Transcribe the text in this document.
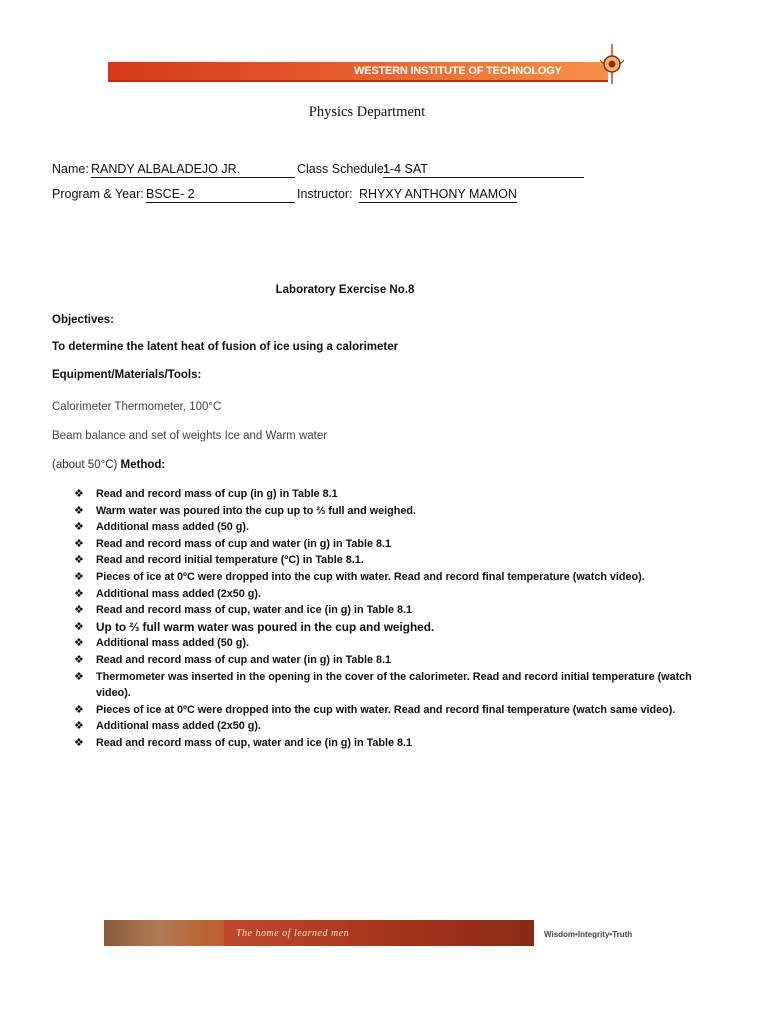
WESTERN INSTITUTE OF TECHNOLOGY
Physics Department
Name: RANDY ALBALADEJO JR.	Class Schedule:
1-4 SAT
Program & Year: BSCE- 2	Instructor: RHYXY ANTHONY MAMON
Laboratory Exercise No.8
Objectives:
To determine the latent heat of fusion of ice using a calorimeter
Equipment/Materials/Tools:
Calorimeter Thermometer, 100°C
Beam balance and set of weights Ice and Warm water
(about 50°C) Method:
❖ Read and record mass of cup (in g) in Table 8.1
❖ Warm water was poured into the cup up to ⅔ full and weighed.
❖ Additional mass added (50 g).
❖ Read and record mass of cup and water (in g) in Table 8.1
❖ Read and record initial temperature (ºC) in Table 8.1.
❖ Pieces of ice at 0ºC were dropped into the cup with water. Read and record final temperature (watch video).
❖ Additional mass added (2x50 g).
❖ Read and record mass of cup, water and ice (in g) in Table 8.1
❖ Up to ⅔ full warm water was poured in the cup and weighed.
❖ Additional mass added (50 g).
❖ Read and record mass of cup and water (in g) in Table 8.1
❖ Thermometer was inserted in the opening in the cover of the calorimeter. Read and record initial temperature (watch video).
❖ Pieces of ice at 0ºC were dropped into the cup with water. Read and record final temperature (watch same video).
❖ Additional mass added (2x50 g).
❖ Read and record mass of cup, water and ice (in g) in Table 8.1
The home of learned men	Wisdom•Integrity•Truth
